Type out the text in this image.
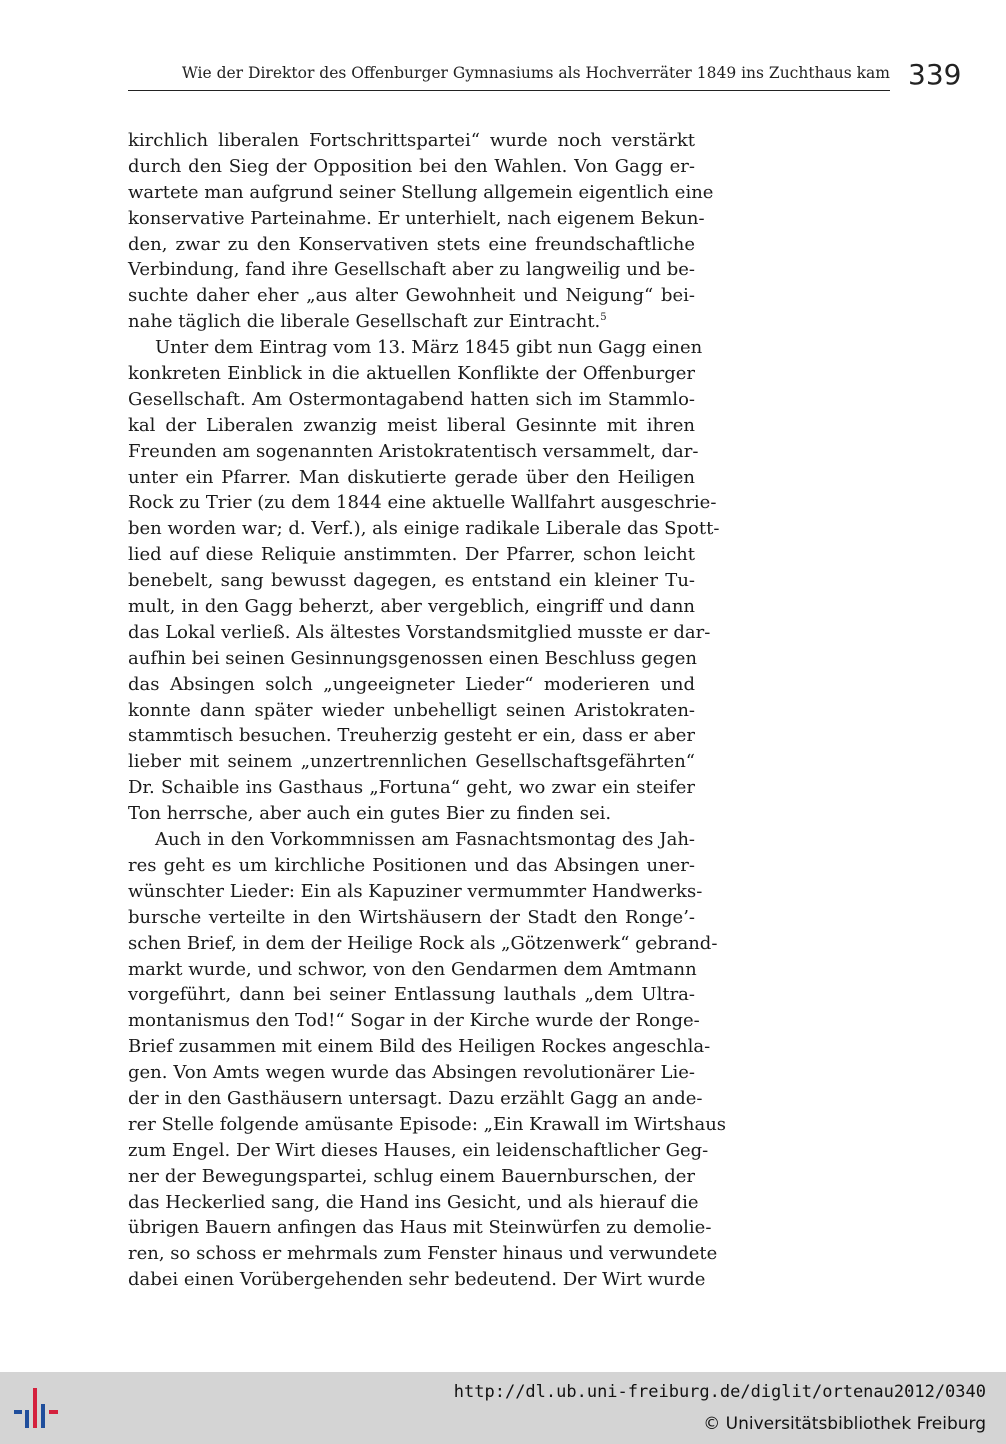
Wie der Direktor des Offenburger Gymnasiums als Hochverräter 1849 ins Zuchthaus kam 339
kirchlich liberalen Fortschrittspartei“ wurde noch verstärkt
durch den Sieg der Opposition bei den Wahlen. Von Gagg er-
wartete man aufgrund seiner Stellung allgemein eigentlich eine
konservative Parteinahme. Er unterhielt, nach eigenem Bekun-
den, zwar zu den Konservativen stets eine freundschaftliche
Verbindung, fand ihre Gesellschaft aber zu langweilig und be-
suchte daher eher „aus alter Gewohnheit und Neigung“ bei-
nahe täglich die liberale Gesellschaft zur Eintracht.$^5$
Unter dem Eintrag vom 13. März 1845 gibt nun Gagg einen
konkreten Einblick in die aktuellen Konflikte der Offenburger
Gesellschaft. Am Ostermontagabend hatten sich im Stammlo-
kal der Liberalen zwanzig meist liberal Gesinnte mit ihren
Freunden am sogenannten Aristokratentisch versammelt, dar-
unter ein Pfarrer. Man diskutierte gerade über den Heiligen
Rock zu Trier (zu dem 1844 eine aktuelle Wallfahrt ausgeschrie-
ben worden war; d. Verf.), als einige radikale Liberale das Spott-
lied auf diese Reliquie anstimmten. Der Pfarrer, schon leicht
benebelt, sang bewusst dagegen, es entstand ein kleiner Tu-
mult, in den Gagg beherzt, aber vergeblich, eingriff und dann
das Lokal verließ. Als ältestes Vorstandsmitglied musste er dar-
aufhin bei seinen Gesinnungsgenossen einen Beschluss gegen
das Absingen solch „ungeeigneter Lieder“ moderieren und
konnte dann später wieder unbehelligt seinen Aristokraten-
stammtisch besuchen. Treuherzig gesteht er ein, dass er aber
lieber mit seinem „unzertrennlichen Gesellschaftsgefährten“
Dr. Schaible ins Gasthaus „Fortuna“ geht, wo zwar ein steifer
Ton herrsche, aber auch ein gutes Bier zu finden sei.
Auch in den Vorkommnissen am Fasnachtsmontag des Jah-
res geht es um kirchliche Positionen und das Absingen uner-
wünschter Lieder: Ein als Kapuziner vermummter Handwerks-
bursche verteilte in den Wirtshäusern der Stadt den Ronge’-
schen Brief, in dem der Heilige Rock als „Götzenwerk“ gebrand-
markt wurde, und schwor, von den Gendarmen dem Amtmann
vorgeführt, dann bei seiner Entlassung lauthals „dem Ultra-
montanismus den Tod!“ Sogar in der Kirche wurde der Ronge-
Brief zusammen mit einem Bild des Heiligen Rockes angeschla-
gen. Von Amts wegen wurde das Absingen revolutionärer Lie-
der in den Gasthäusern untersagt. Dazu erzählt Gagg an ande-
rer Stelle folgende amüsante Episode: „Ein Krawall im Wirtshaus
zum Engel. Der Wirt dieses Hauses, ein leidenschaftlicher Geg-
ner der Bewegungspartei, schlug einem Bauernburschen, der
das Heckerlied sang, die Hand ins Gesicht, und als hierauf die
übrigen Bauern anfingen das Haus mit Steinwürfen zu demolie-
ren, so schoss er mehrmals zum Fenster hinaus und verwundete
dabei einen Vorübergehenden sehr bedeutend. Der Wirt wurde
http://dl.ub.uni-freiburg.de/diglit/ortenau2012/0340
© Universitätsbibliothek Freiburg
